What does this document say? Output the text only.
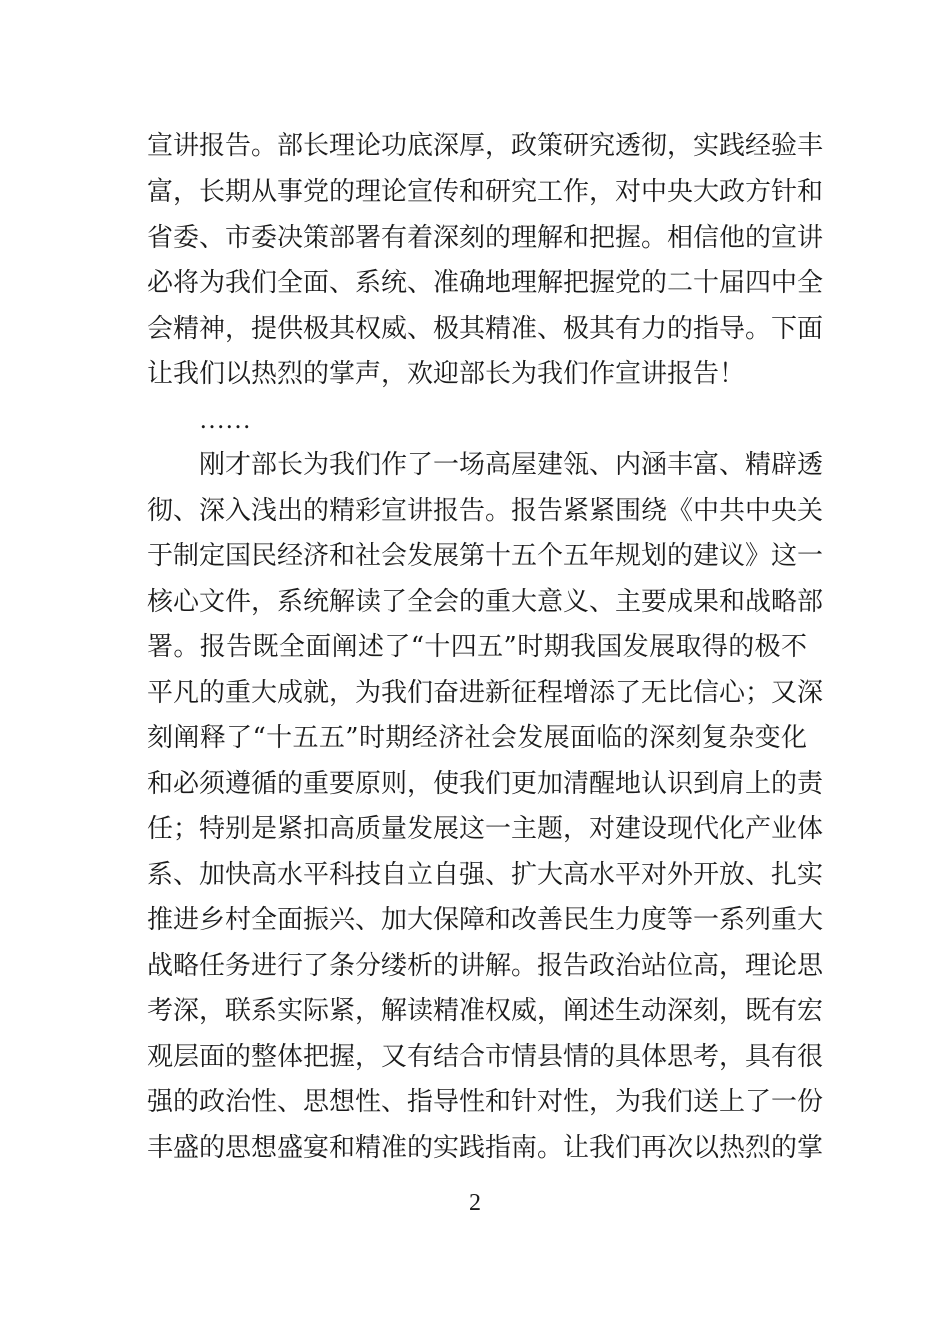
宣讲报告。部长理论功底深厚，政策研究透彻，实践经验丰
富，长期从事党的理论宣传和研究工作，对中央大政方针和
省委、市委决策部署有着深刻的理解和把握。相信他的宣讲
必将为我们全面、系统、准确地理解把握党的二十届四中全
会精神，提供极其权威、极其精准、极其有力的指导。下面
让我们以热烈的掌声，欢迎部长为我们作宣讲报告！
……
刚才部长为我们作了一场高屋建瓴、内涵丰富、精辟透
彻、深入浅出的精彩宣讲报告。报告紧紧围绕《中共中央关
于制定国民经济和社会发展第十五个五年规划的建议》这一
核心文件，系统解读了全会的重大意义、主要成果和战略部
署。报告既全面阐述了“十四五”时期我国发展取得的极不
平凡的重大成就，为我们奋进新征程增添了无比信心；又深
刻阐释了“十五五”时期经济社会发展面临的深刻复杂变化
和必须遵循的重要原则，使我们更加清醒地认识到肩上的责
任；特别是紧扣高质量发展这一主题，对建设现代化产业体
系、加快高水平科技自立自强、扩大高水平对外开放、扎实
推进乡村全面振兴、加大保障和改善民生力度等一系列重大
战略任务进行了条分缕析的讲解。报告政治站位高，理论思
考深，联系实际紧，解读精准权威，阐述生动深刻，既有宏
观层面的整体把握，又有结合市情县情的具体思考，具有很
强的政治性、思想性、指导性和针对性，为我们送上了一份
丰盛的思想盛宴和精准的实践指南。让我们再次以热烈的掌
2
